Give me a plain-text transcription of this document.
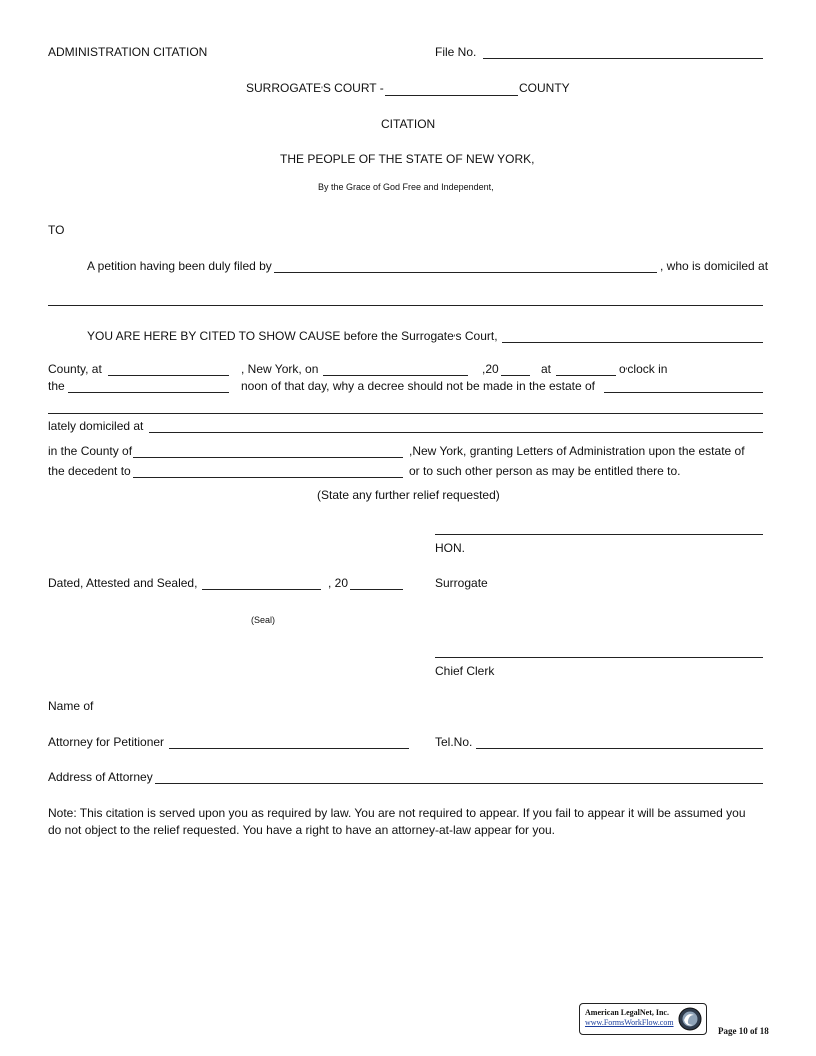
ADMINISTRATION CITATION	File No.
SURROGATE'S COURT -	COUNTY
CITATION
THE PEOPLE OF THE STATE OF NEW YORK,
By the Grace of God Free and Independent,
TO
A petition having been duly filed by	, who is domiciled at
YOU ARE HERE BY CITED TO SHOW CAUSE before the Surrogate's Court,
County, at	, New York, on	,20	at	o'clock in
the	noon of that day, why a decree should not be made in the estate of
lately domiciled at
in the County of	,New York, granting Letters of Administration upon the estate of
the decedent to	or to such other person as may be entitled there to.
(State any further relief requested)
HON.
Dated, Attested and Sealed,	, 20	Surrogate
(Seal)
Chief Clerk
Name of
Attorney for Petitioner	Tel.No.
Address of Attorney
Note: This citation is served upon you as required by law. You are not required to appear. If you fail to appear it will be assumed you
do not object to the relief requested. You have a right to have an attorney-at-law appear for you.
American LegalNet, Inc.
www.FormsWorkFlow.com
Page 10 of 18
